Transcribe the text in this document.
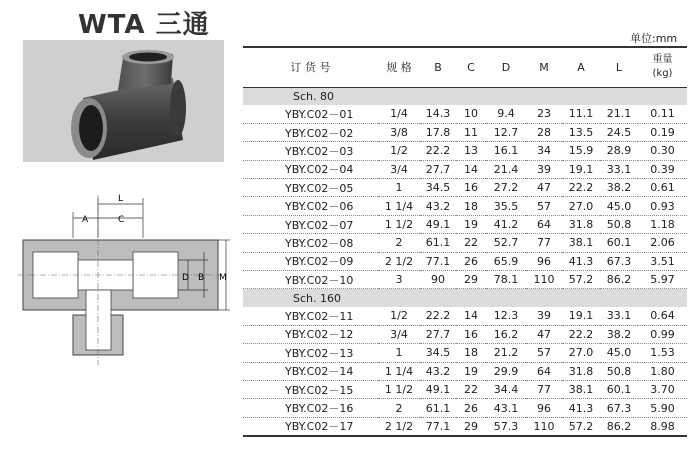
WTA 三通	单位:mm
L
A	C
D B M
订 货 号	规 格	B	C	D	M	A	L	重量
(kg)

Sch. 80								
YBY.C02－01	1/4	14.3	10	9.4	23	11.1	21.1	0.11
YBY.C02－02	3/8	17.8	11	12.7	28	13.5	24.5	0.19
YBY.C02－03	1/2	22.2	13	16.1	34	15.9	28.9	0.30
YBY.C02－04	3/4	27.7	14	21.4	39	19.1	33.1	0.39
YBY.C02－05	1	34.5	16	27.2	47	22.2	38.2	0.61
YBY.C02－06	1 1/4	43.2	18	35.5	57	27.0	45.0	0.93
YBY.C02－07	1 1/2	49.1	19	41.2	64	31.8	50.8	1.18
YBY.C02－08	2	61.1	22	52.7	77	38.1	60.1	2.06
YBY.C02－09	2 1/2	77.1	26	65.9	96	41.3	67.3	3.51
YBY.C02－10	3	90	29	78.1	110	57.2	86.2	5.97
Sch. 160								
YBY.C02－11	1/2	22.2	14	12.3	39	19.1	33.1	0.64
YBY.C02－12	3/4	27.7	16	16.2	47	22.2	38.2	0.99
YBY.C02－13	1	34.5	18	21.2	57	27.0	45.0	1.53
YBY.C02－14	1 1/4	43.2	19	29.9	64	31.8	50.8	1.80
YBY.C02－15	1 1/2	49.1	22	34.4	77	38.1	60.1	3.70
YBY.C02－16	2	61.1	26	43.1	96	41.3	67.3	5.90
YBY.C02－17	2 1/2	77.1	29	57.3	110	57.2	86.2	8.98
